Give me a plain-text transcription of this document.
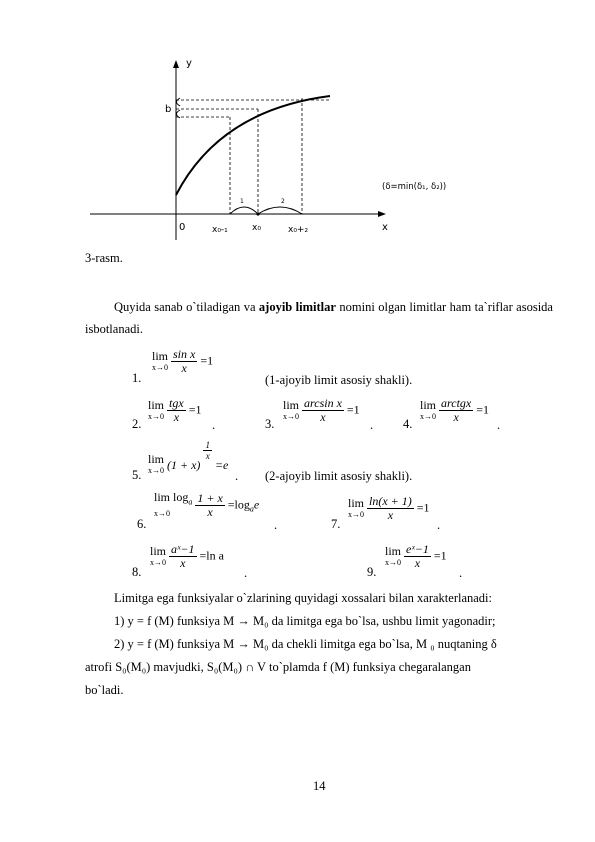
y
x
b
0	x₀-₁	x₀	x₀+₂
1	2
(δ=min(δ₁, δ₂))
3-rasm.
Quyida sanab o`tiladigan va ajoyib limitlar nomini olgan limitlar ham ta`riflar asosida isbotlanadi.
1.
lim
x→0
$\frac{\text{sin x}}{x} =1$
(1-ajoyib limit asosiy shakli).
2.
lim
x→0
$\frac{\text{tgx}}{x} =1$
.	3.
lim
x→0
$\frac{\text{arcsin x}}{x} =1$
. 4.
lim
x→0
$\frac{\text{arctgx}}{x} =1$
.
5.
lim
x→0 (1 + x)
$\frac{1}{x}$
=e
. (2-ajoyib limit asosiy shakli).
6.
$\lim \log_a$
x→0
	$\frac{1 + x}{x} =\log_ae$
.	7.
lim
x→0
$\frac{\ln(x + 1)}{x} =1$
.
8.
lim
x→0
$\frac{\text{aˣ−1}}{x} =\ln$ a
.	9.
lim
x→0
$\frac{\text{eˣ−1}}{x} =1$
.
Limitga ega funksiyalar o`zlarining quyidagi xossalari bilan xarakterlanadi:
1) y = f (M) funksiya M → M₀ da limitga ega bo`lsa, ushbu limit yagonadir;
2) y = f (M) funksiya M → M₀ da chekli limitga ega bo`lsa, M ₀ nuqtaning δ
atrofi S₀(M₀) mavjudki, S₀(M₀) ∩ V to`plamda f (M) funksiya chegaralangan
bo`ladi.
14
